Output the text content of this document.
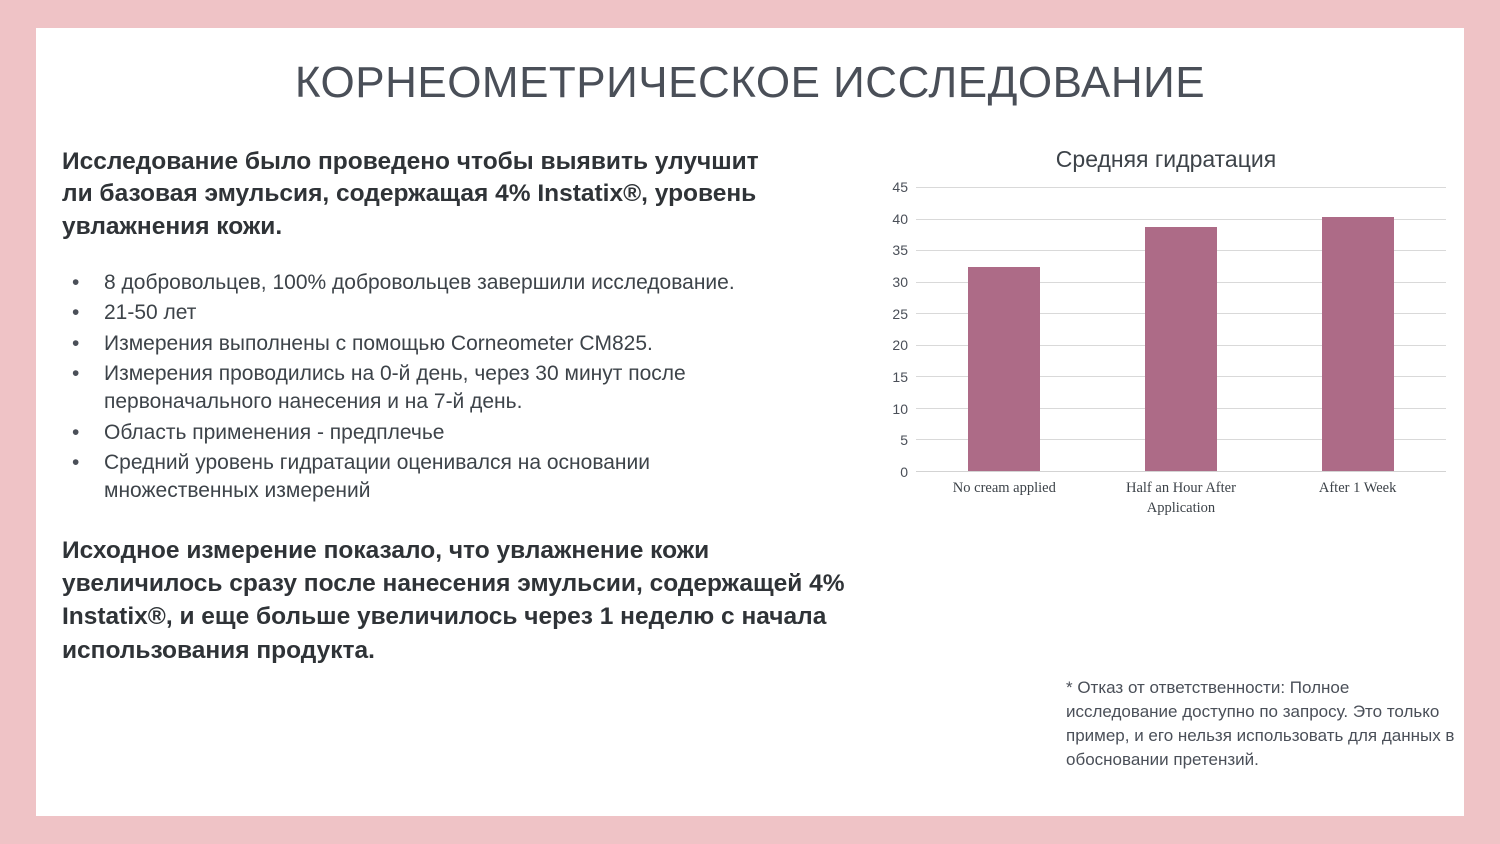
КОРНЕОМЕТРИЧЕСКОЕ ИССЛЕДОВАНИЕ
Исследование было проведено чтобы выявить улучшит ли базовая эмульсия, содержащая 4% Instatix®, уровень увлажнения кожи.
•	8 добровольцев, 100% добровольцев завершили исследование.
•	21-50 лет
•	Измерения выполнены с помощью Corneometer CM825.
•	Измерения проводились на 0-й день, через 30 минут после первоначального нанесения и на 7-й день.
•	Область применения - предплечье
•	Средний уровень гидратации оценивался на основании множественных измерений
Исходное измерение показало, что увлажнение кожи увеличилось сразу после нанесения эмульсии, содержащей 4% Instatix®, и еще больше увеличилось через 1 неделю с начала использования продукта.
Средняя гидратация
45
40
35
30
25
20
15
10
5
0
No cream applied	Half an Hour After Application
After 1 Week
* Отказ от ответственности: Полное исследование доступно по запросу. Это только пример, и его нельзя использовать для данных в обосновании претензий.
